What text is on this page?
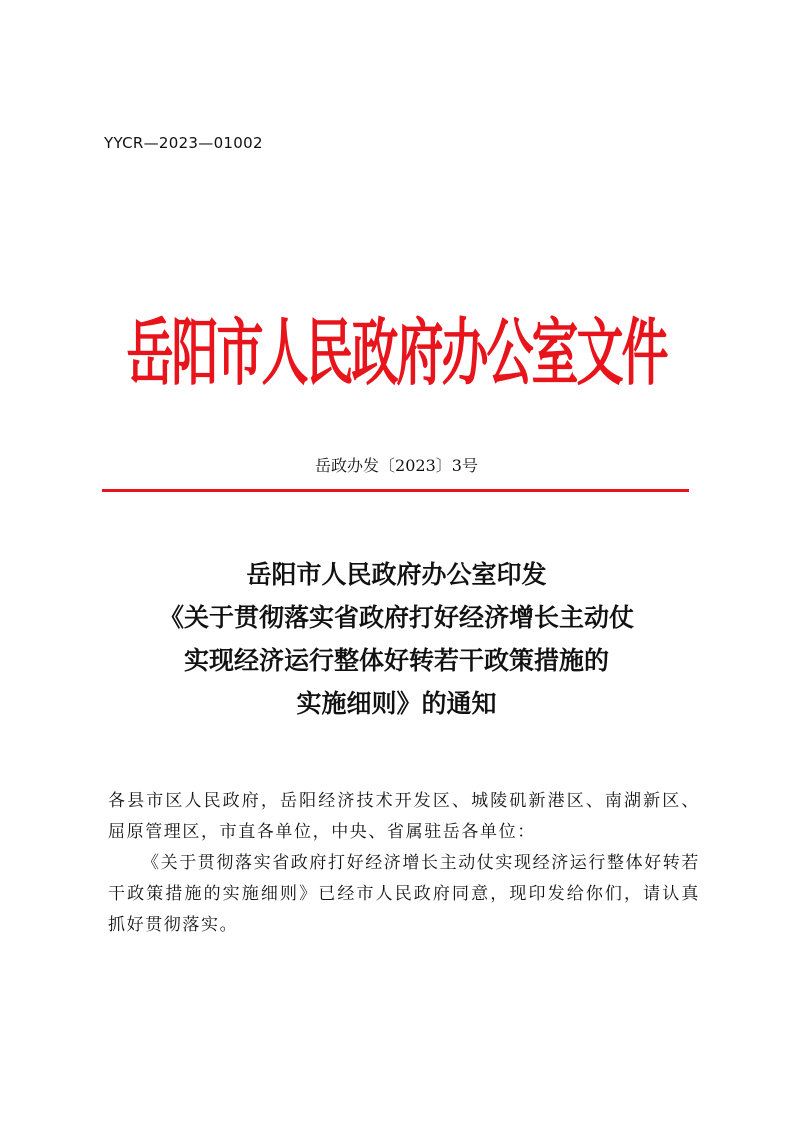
YYCR—2023—01002
岳阳市人民政府办公室文件
岳政办发〔2023〕3号
岳阳市人民政府办公室印发
《关于贯彻落实省政府打好经济增长主动仗
实现经济运行整体好转若干政策措施的
实施细则》的通知

各县市区人民政府，岳阳经济技术开发区、城陵矶新港区、南湖新区、屈原管理区，市直各单位，中央、省属驻岳各单位：

《关于贯彻落实省政府打好经济增长主动仗实现经济运行整体好转若干政策措施的实施细则》已经市人民政府同意，现印发给你们，请认真抓好贯彻落实。
